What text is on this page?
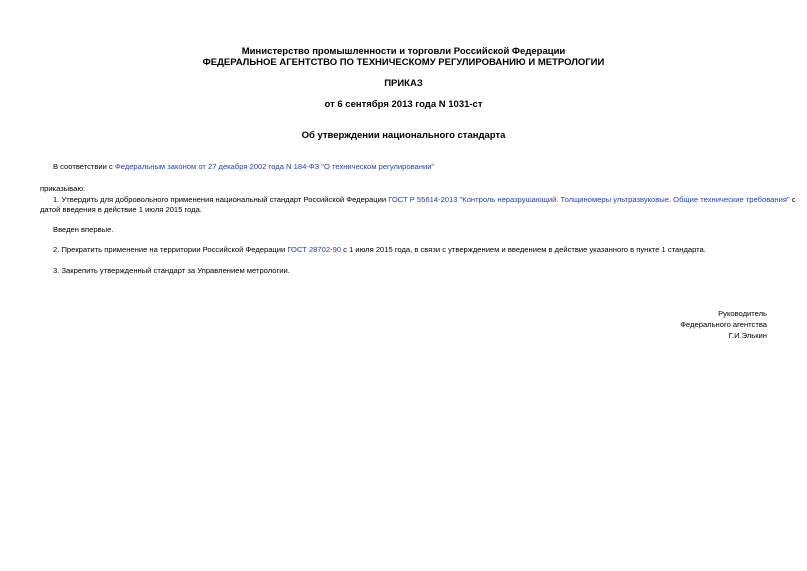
Министерство промышленности и торговли Российской Федерации
ФЕДЕРАЛЬНОЕ АГЕНТСТВО ПО ТЕХНИЧЕСКОМУ РЕГУЛИРОВАНИЮ И МЕТРОЛОГИИ
ПРИКАЗ
от 6 сентября 2013 года N 1031-ст
Об утверждении национального стандарта
В соответствии с Федеральным законом от 27 декабря 2002 года N 184-ФЗ "О техническом регулировании"
приказываю:
1. Утвердить для добровольного применения национальный стандарт Российской Федерации ГОСТ Р 55614-2013 "Контроль неразрушающий. Толщиномеры ультразвуковые. Общие технические требования" с
датой введения в действие 1 июля 2015 года.
Введен впервые.
2. Прекратить применение на территории Российской Федерации ГОСТ 28702-90 с 1 июля 2015 года, в связи с утверждением и введением в действие указанного в пункте 1 стандарта.
3. Закрепить утвержденный стандарт за Управлением метрологии.
Руководитель
Федерального агентства
Г.И.Элькин
